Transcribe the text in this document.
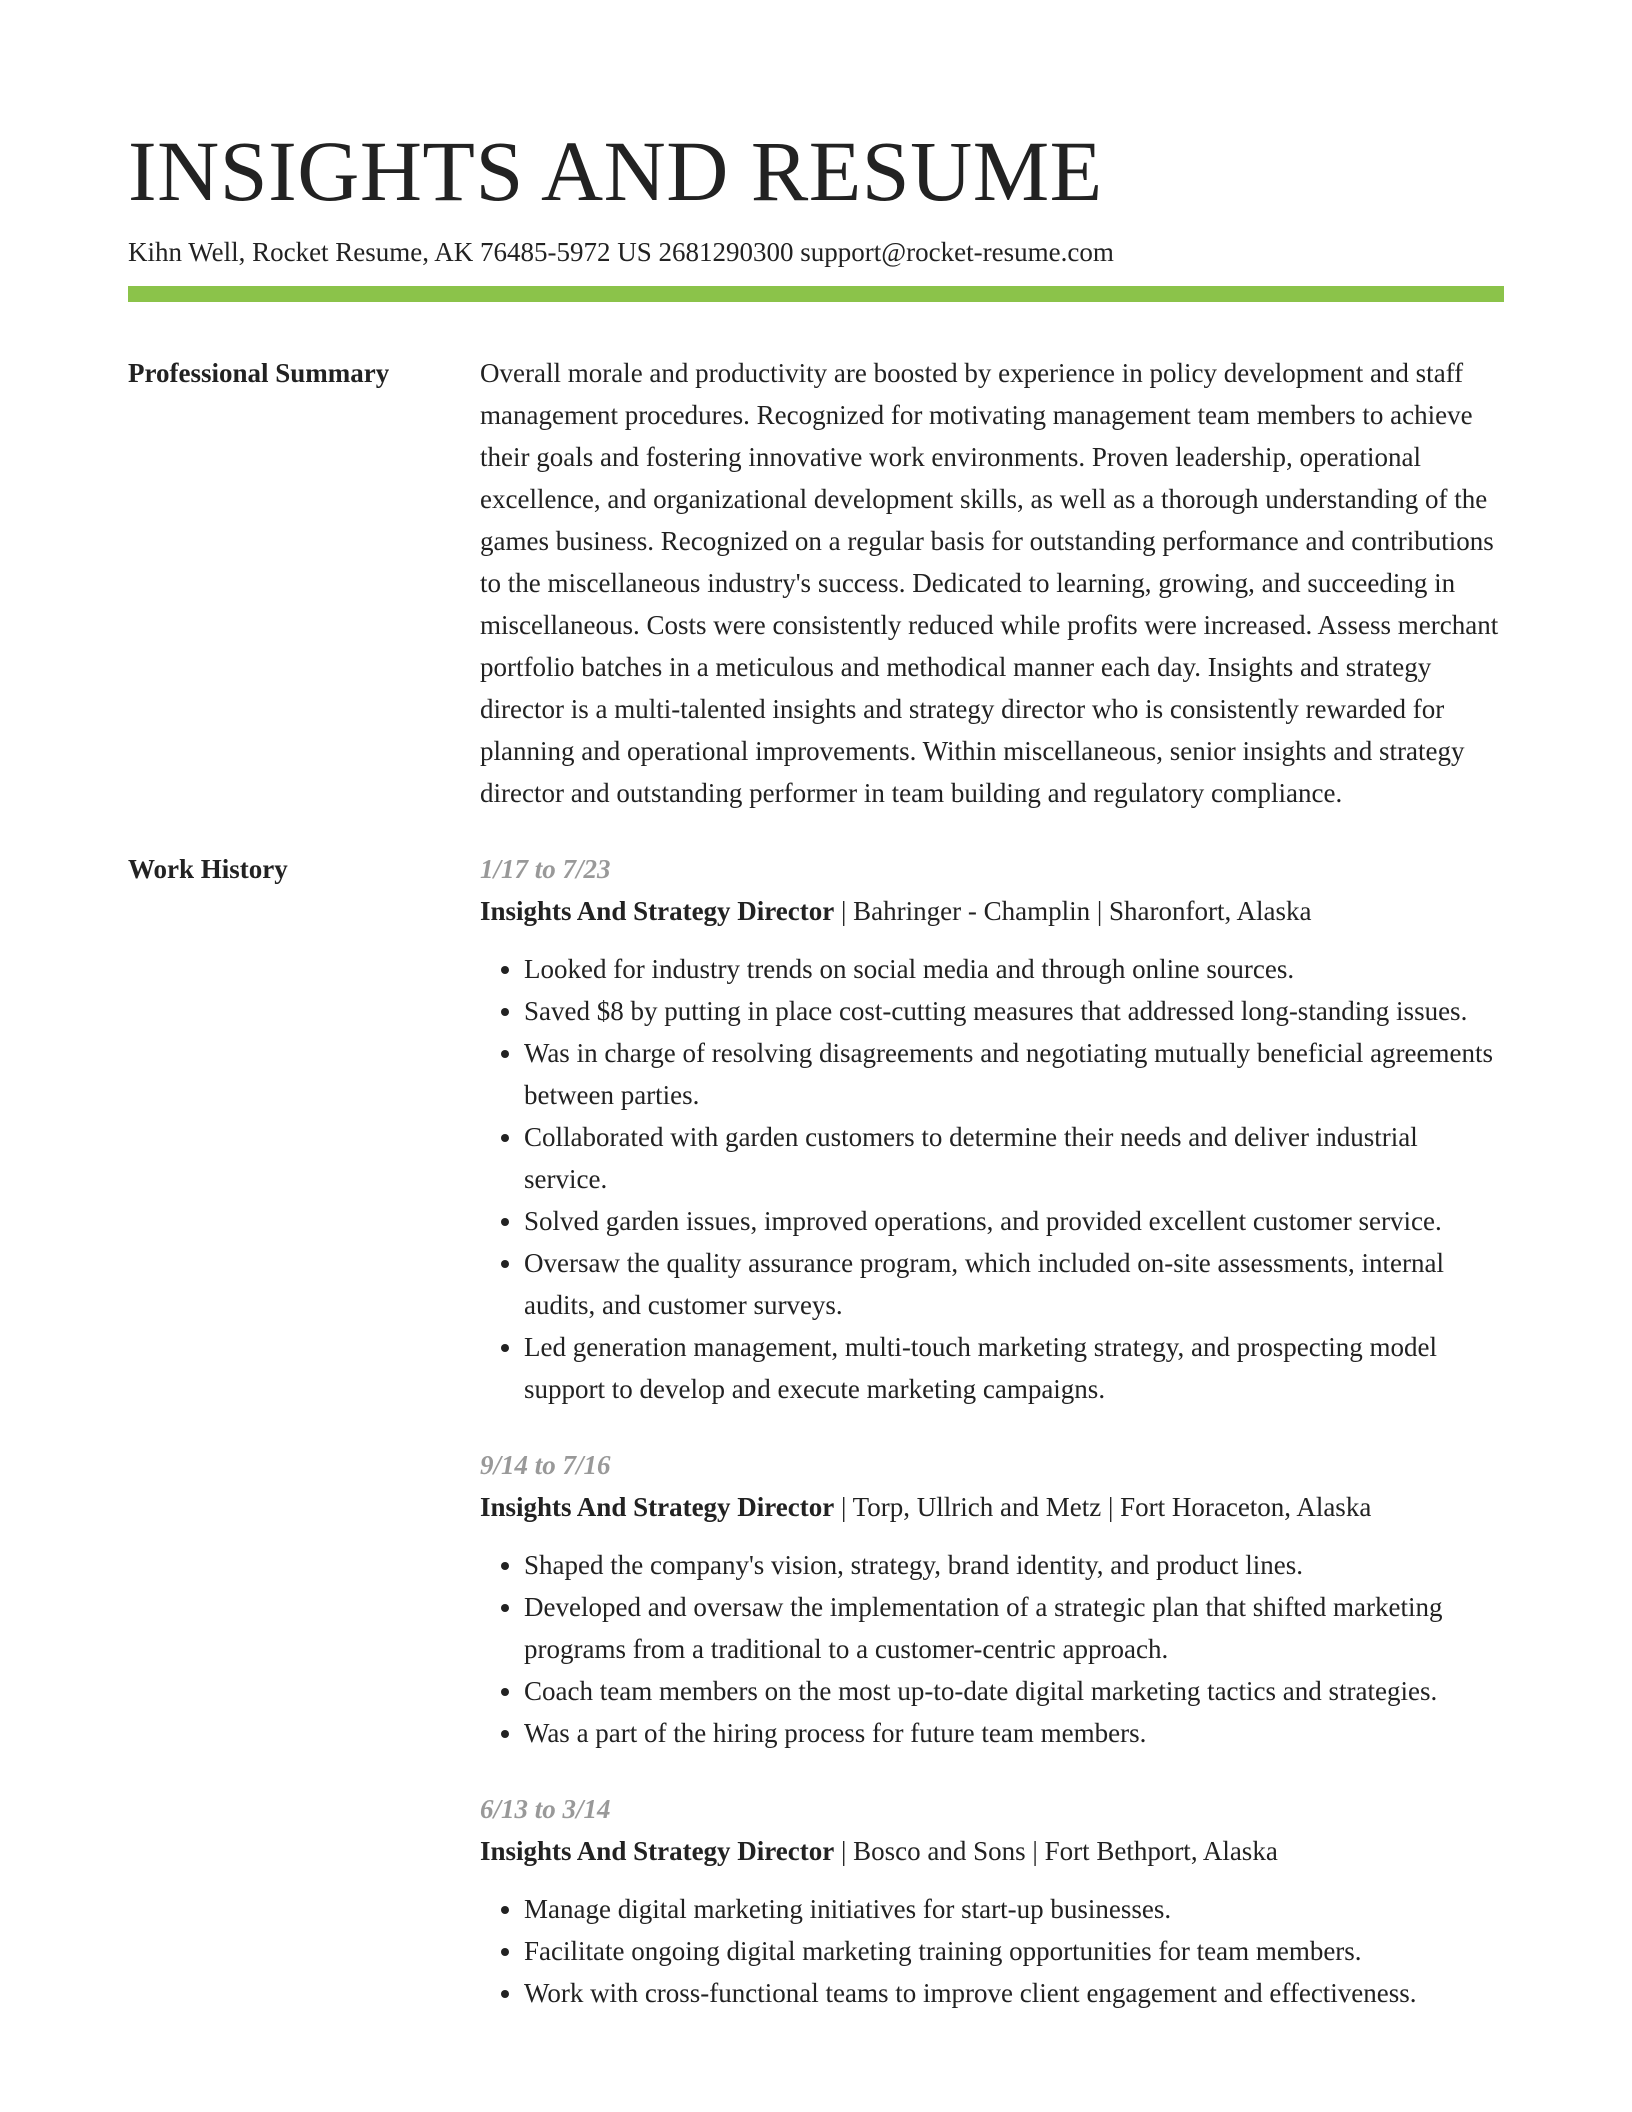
INSIGHTS AND RESUME
Kihn Well, Rocket Resume, AK 76485-5972 US 2681290300 support@rocket-resume.com
Professional Summary	Overall morale and productivity are boosted by experience in policy development and staff management procedures. Recognized for motivating management team members to achieve their goals and fostering innovative work environments. Proven leadership, operational excellence, and organizational development skills, as well as a thorough understanding of the games business. Recognized on a regular basis for outstanding performance and contributions to the miscellaneous industry's success. Dedicated to learning, growing, and succeeding in miscellaneous. Costs were consistently reduced while profits were increased. Assess merchant portfolio batches in a meticulous and methodical manner each day. Insights and strategy director is a multi-talented insights and strategy director who is consistently rewarded for planning and operational improvements. Within miscellaneous, senior insights and strategy director and outstanding performer in team building and regulatory compliance.

Work History	1/17 to 7/23
Insights And Strategy Director | Bahringer - Champlin | Sharonfort, Alaska
• Looked for industry trends on social media and through online sources.
• Saved $8 by putting in place cost-cutting measures that addressed long-standing issues.
• Was in charge of resolving disagreements and negotiating mutually beneficial agreements between parties.
• Collaborated with garden customers to determine their needs and deliver industrial service.
• Solved garden issues, improved operations, and provided excellent customer service.
• Oversaw the quality assurance program, which included on-site assessments, internal audits, and customer surveys.
• Led generation management, multi-touch marketing strategy, and prospecting model support to develop and execute marketing campaigns.
9/14 to 7/16
Insights And Strategy Director | Torp, Ullrich and Metz | Fort Horaceton, Alaska
• Shaped the company's vision, strategy, brand identity, and product lines.
• Developed and oversaw the implementation of a strategic plan that shifted marketing programs from a traditional to a customer-centric approach.
• Coach team members on the most up-to-date digital marketing tactics and strategies.
• Was a part of the hiring process for future team members.
6/13 to 3/14
Insights And Strategy Director | Bosco and Sons | Fort Bethport, Alaska
• Manage digital marketing initiatives for start-up businesses.
• Facilitate ongoing digital marketing training opportunities for team members.
• Work with cross-functional teams to improve client engagement and effectiveness.
